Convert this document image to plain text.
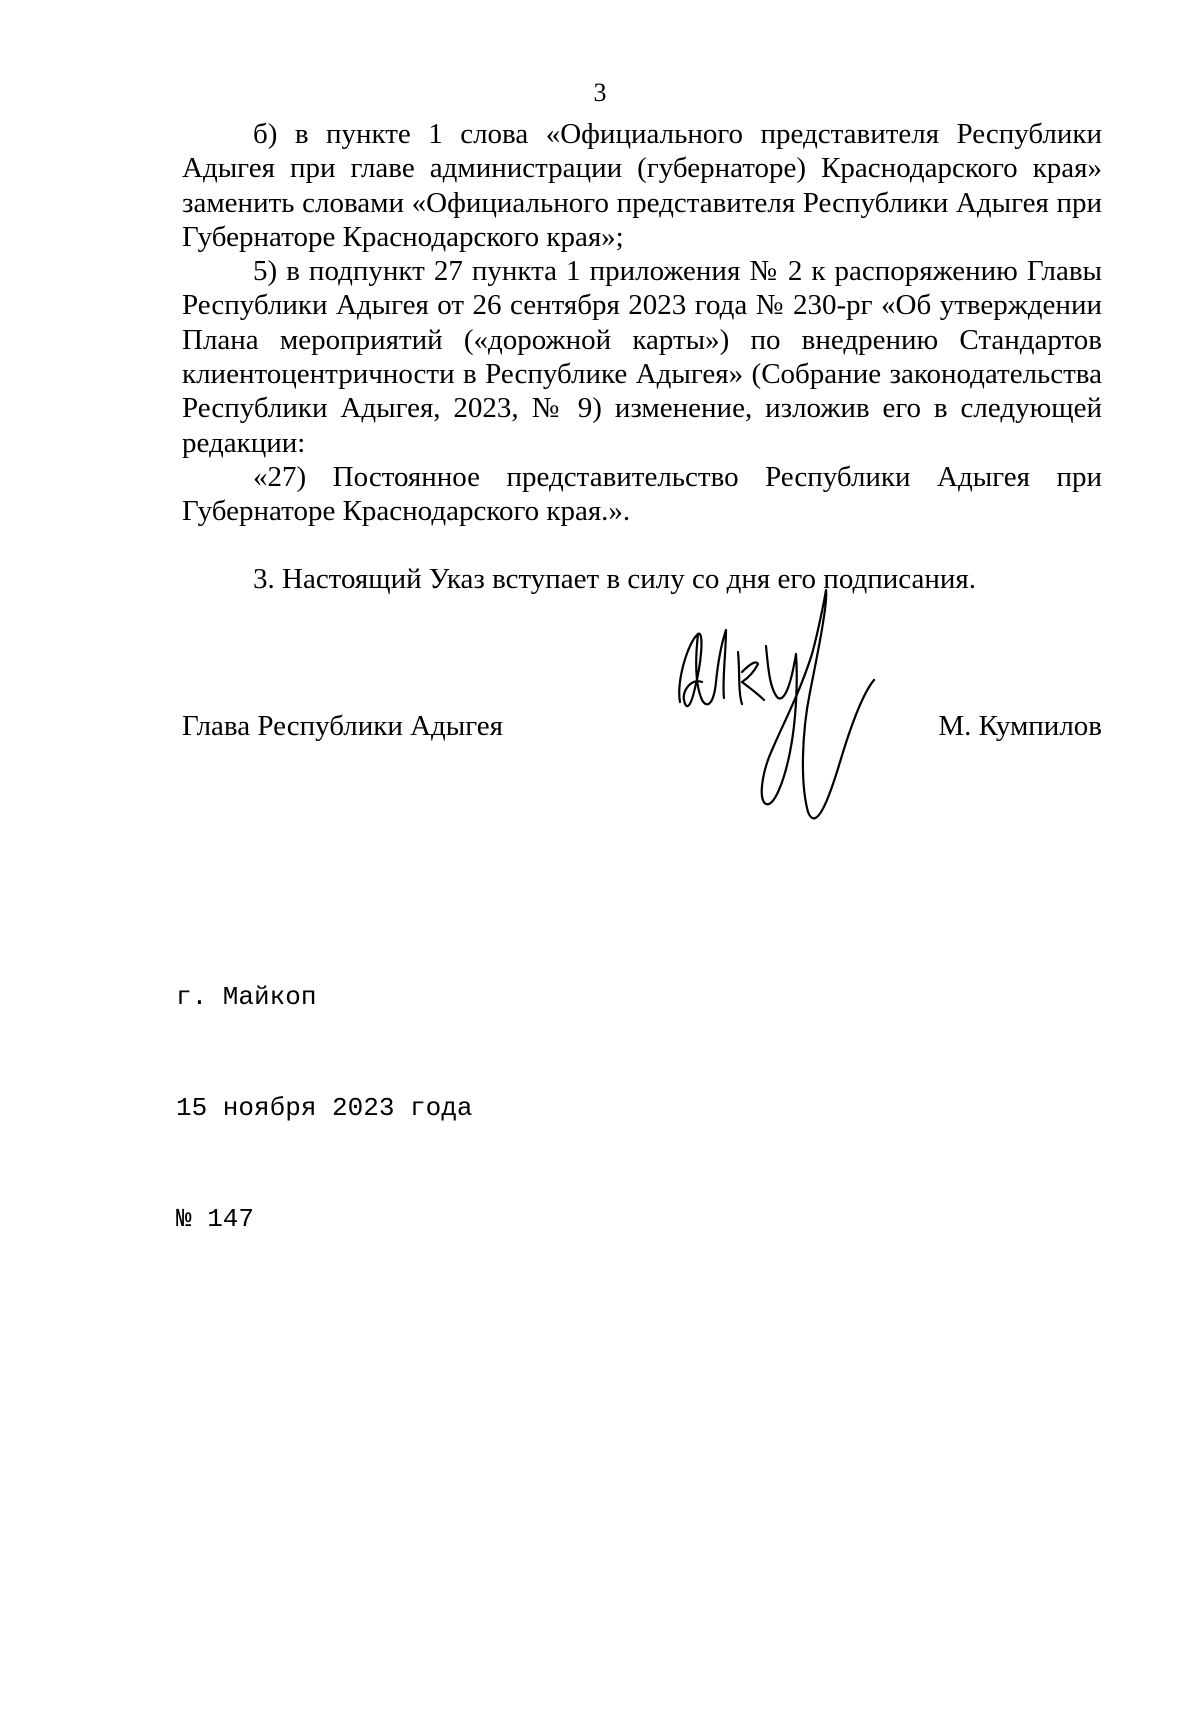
3

б) в пункте 1 слова «Официального представителя Республики Адыгея при главе администрации (губернаторе) Краснодарского края» заменить словами «Официального представителя Республики Адыгея при Губернаторе Краснодарского края»;

5) в подпункт 27 пункта 1 приложения № 2 к распоряжению Главы Республики Адыгея от 26 сентября 2023 года № 230-рг «Об утверждении Плана мероприятий («дорожной карты») по внедрению Стандартов клиентоцентричности в Республике Адыгея» (Собрание законодательства Республики Адыгея, 2023, № 9) изменение, изложив его в следующей редакции:

«27) Постоянное представительство Республики Адыгея при Губернаторе Краснодарского края.».

3. Настоящий Указ вступает в силу со дня его подписания.

Глава Республики Адыгея	М. Кумпилов

г. Майкоп

15 ноября 2023 года

№ 147
